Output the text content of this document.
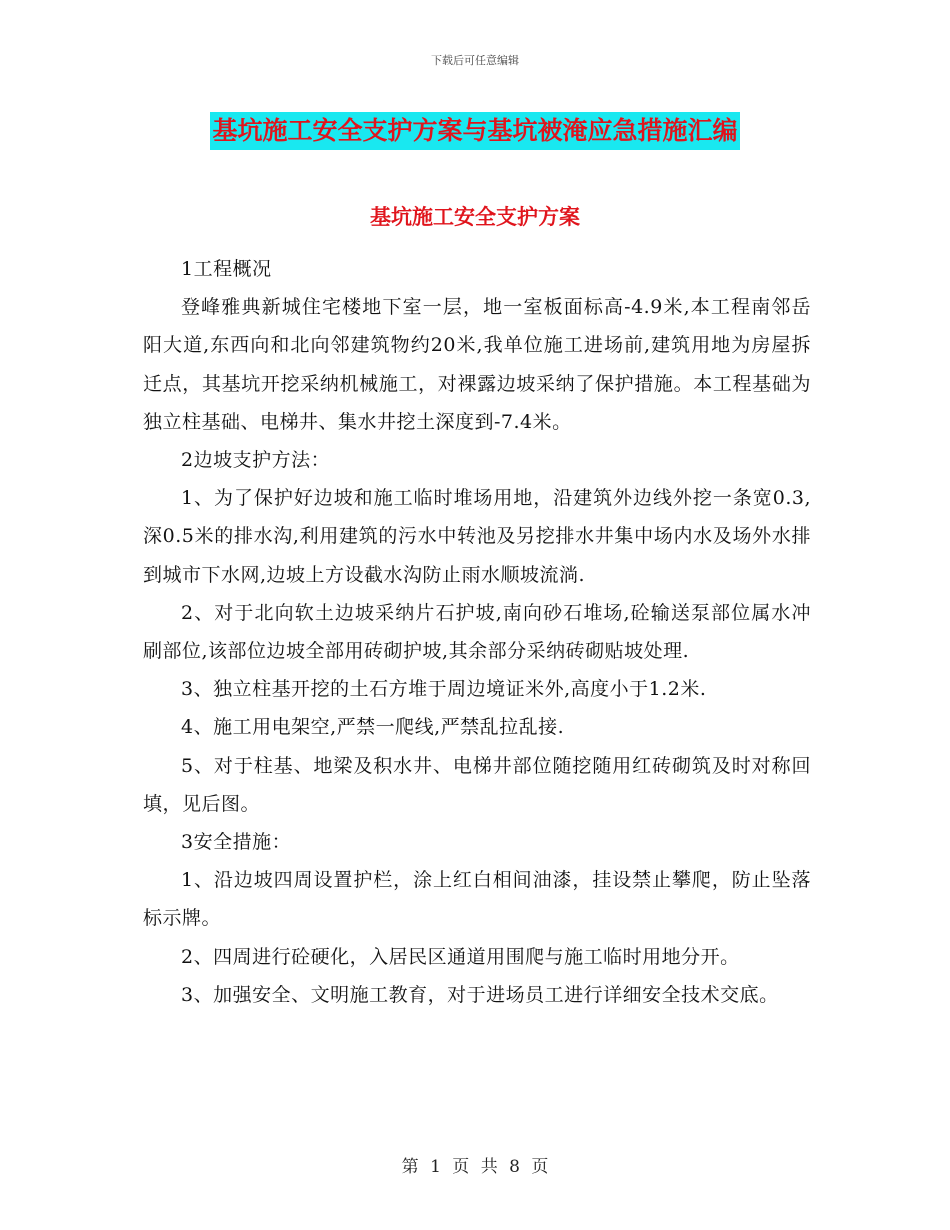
下载后可任意编辑
基坑施工安全支护方案与基坑被淹应急措施汇编
基坑施工安全支护方案

1工程概况

登峰雅典新城住宅楼地下室一层，地一室板面标高-4.9米,本工程南邻岳阳大道,东西向和北向邻建筑物约20米,我单位施工进场前,建筑用地为房屋拆迁点，其基坑开挖采纳机械施工，对裸露边坡采纳了保护措施。本工程基础为独立柱基础、电梯井、集水井挖土深度到-7.4米。

2边坡支护方法：

1、为了保护好边坡和施工临时堆场用地，沿建筑外边线外挖一条宽0.3,深0.5米的排水沟,利用建筑的污水中转池及另挖排水井集中场内水及场外水排到城市下水网,边坡上方设截水沟防止雨水顺坡流淌.

2、对于北向软土边坡采纳片石护坡,南向砂石堆场,砼输送泵部位属水冲刷部位,该部位边坡全部用砖砌护坡,其余部分采纳砖砌贴坡处理.

3、独立柱基开挖的土石方堆于周边境证米外,高度小于1.2米.

4、施工用电架空,严禁一爬线,严禁乱拉乱接.

5、对于柱基、地梁及积水井、电梯井部位随挖随用红砖砌筑及时对称回填，见后图。

3安全措施：

1、沿边坡四周设置护栏，涂上红白相间油漆，挂设禁止攀爬，防止坠落标示牌。

2、四周进行砼硬化，入居民区通道用围爬与施工临时用地分开。

3、加强安全、文明施工教育，对于进场员工进行详细安全技术交底。

第 1 页 共 8 页
